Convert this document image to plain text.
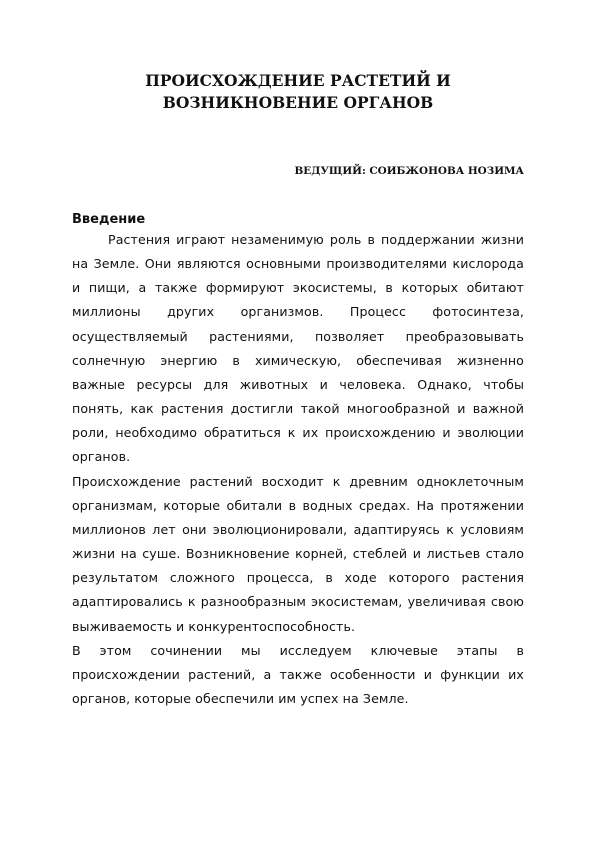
ПРОИСХОЖДЕНИЕ РАСТЕТИЙ И
ВОЗНИКНОВЕНИЕ ОРГАНОВ
ВЕДУЩИЙ: СОИБЖОНОВА НОЗИМА
Введение

Растения играют незаменимую роль в поддержании жизни на Земле. Они являются основными производителями кислорода и пищи, а также формируют экосистемы, в которых обитают миллионы других организмов. Процесс фотосинтеза, осуществляемый растениями, позволяет преобразовывать солнечную энергию в химическую, обеспечивая жизненно важные ресурсы для животных и человека. Однако, чтобы понять, как растения достигли такой многообразной и важной роли, необходимо обратиться к их происхождению и эволюции органов.

Происхождение растений восходит к древним одноклеточным организмам, которые обитали в водных средах. На протяжении миллионов лет они эволюционировали, адаптируясь к условиям жизни на суше. Возникновение корней, стеблей и листьев стало результатом сложного процесса, в ходе которого растения адаптировались к разнообразным экосистемам, увеличивая свою выживаемость и конкурентоспособность.

В этом сочинении мы исследуем ключевые этапы в происхождении растений, а также особенности и функции их органов, которые обеспечили им успех на Земле.
